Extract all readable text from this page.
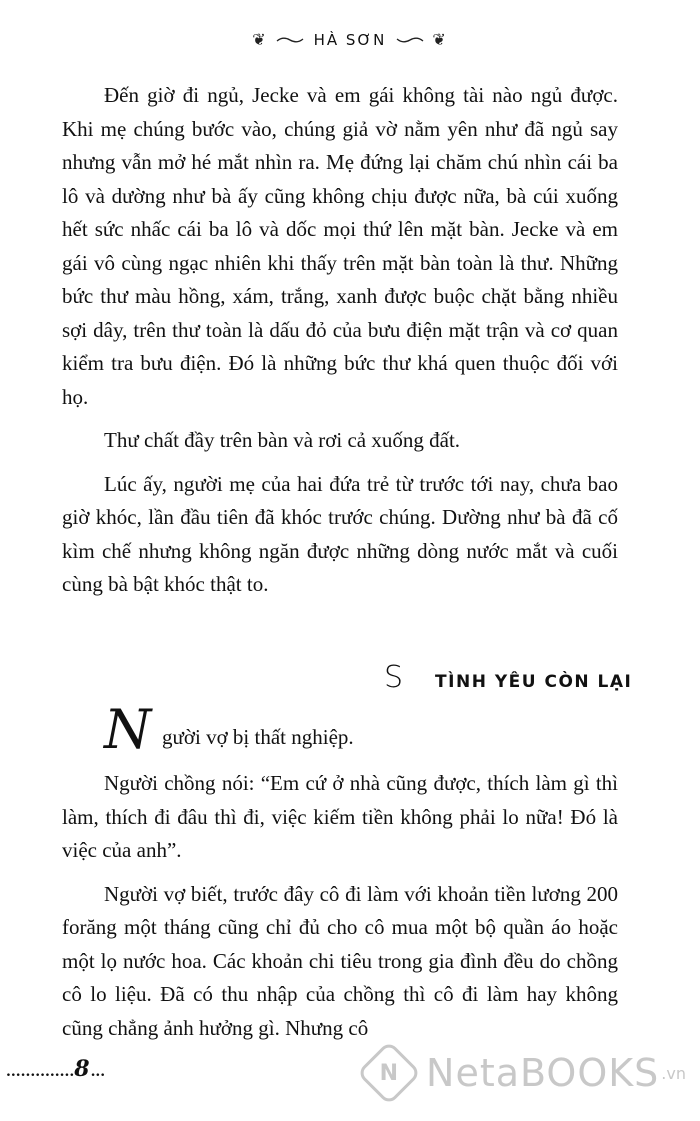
❦	HÀ SƠN	❦

Đến giờ đi ngủ, Jecke và em gái không tài nào ngủ được. Khi mẹ chúng bước vào, chúng giả vờ nằm yên như đã ngủ say nhưng vẫn mở hé mắt nhìn ra. Mẹ đứng lại chăm chú nhìn cái ba lô và dường như bà ấy cũng không chịu được nữa, bà cúi xuống hết sức nhấc cái ba lô và dốc mọi thứ lên mặt bàn. Jecke và em gái vô cùng ngạc nhiên khi thấy trên mặt bàn toàn là thư. Những bức thư màu hồng, xám, trắng, xanh được buộc chặt bằng nhiều sợi dây, trên thư toàn là dấu đỏ của bưu điện mặt trận và cơ quan kiểm tra bưu điện. Đó là những bức thư khá quen thuộc đối với họ.

Thư chất đầy trên bàn và rơi cả xuống đất.

Lúc ấy, người mẹ của hai đứa trẻ từ trước tới nay, chưa bao giờ khóc, lần đầu tiên đã khóc trước chúng. Dường như bà đã cố kìm chế nhưng không ngăn được những dòng nước mắt và cuối cùng bà bật khóc thật to.

S TÌNH YÊU CÒN LẠI
N gười vợ bị thất nghiệp.

Người chồng nói: “Em cứ ở nhà cũng được, thích làm gì thì làm, thích đi đâu thì đi, việc kiếm tiền không phải lo nữa! Đó là việc của anh”.

Người vợ biết, trước đây cô đi làm với khoản tiền lương 200 forăng một tháng cũng chỉ đủ cho cô mua một bộ quần áo hoặc một lọ nước hoa. Các khoản chi tiêu trong gia đình đều do chồng cô lo liệu. Đã có thu nhập của chồng thì cô đi làm hay không cũng chẳng ảnh hưởng gì. Nhưng cô

..............8...	N NetaBOOKS .vn
